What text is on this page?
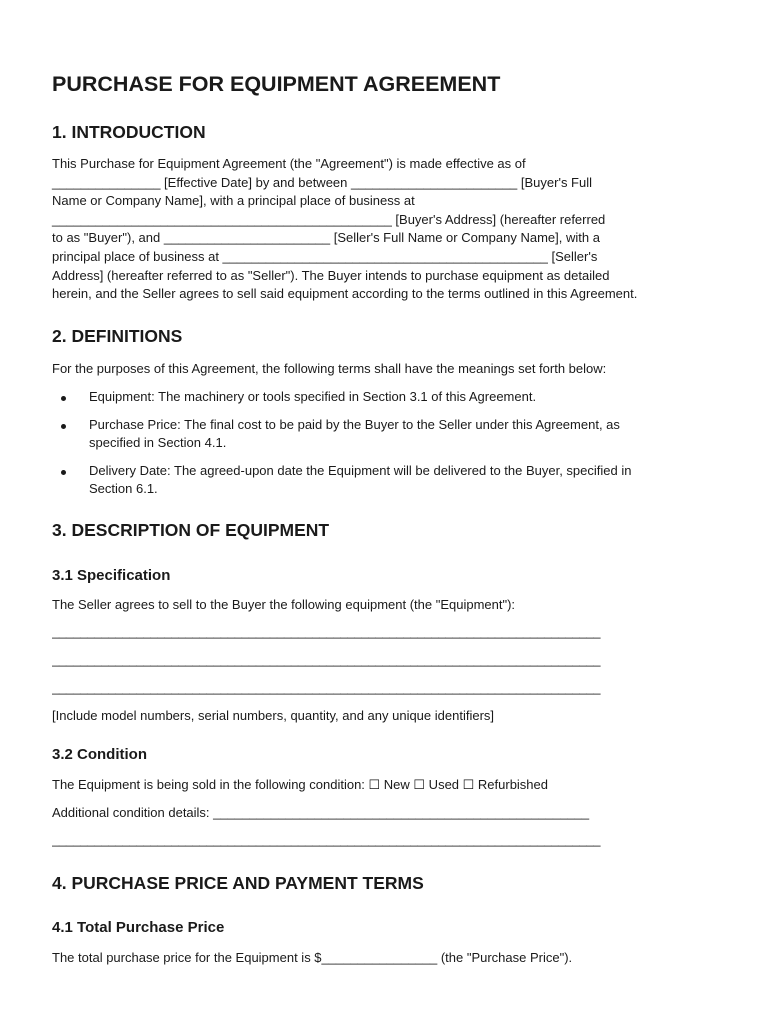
PURCHASE FOR EQUIPMENT AGREEMENT
1. INTRODUCTION

This Purchase for Equipment Agreement (the "Agreement") is made effective as of
_______________ [Effective Date] by and between _______________________ [Buyer's Full
Name or Company Name], with a principal place of business at
_______________________________________________ [Buyer's Address] (hereafter referred
to as "Buyer"), and _______________________ [Seller's Full Name or Company Name], with a
principal place of business at _____________________________________________ [Seller's
Address] (hereafter referred to as "Seller"). The Buyer intends to purchase equipment as detailed
herein, and the Seller agrees to sell said equipment according to the terms outlined in this Agreement.

2. DEFINITIONS

For the purposes of this Agreement, the following terms shall have the meanings set forth below:

Equipment: The machinery or tools specified in Section 3.1 of this Agreement.
Purchase Price: The final cost to be paid by the Buyer to the Seller under this Agreement, as
specified in Section 4.1.
Delivery Date: The agreed-upon date the Equipment will be delivered to the Buyer, specified in
Section 6.1.
3. DESCRIPTION OF EQUIPMENT
3.1 Specification

The Seller agrees to sell to the Buyer the following equipment (the "Equipment"):

______________________________________________________________________________
______________________________________________________________________________
______________________________________________________________________________

[Include model numbers, serial numbers, quantity, and any unique identifiers]

3.2 Condition

The Equipment is being sold in the following condition: ☐ New ☐ Used ☐ Refurbished

Additional condition details: ____________________________________________________

______________________________________________________________________________
4. PURCHASE PRICE AND PAYMENT TERMS
4.1 Total Purchase Price

The total purchase price for the Equipment is $________________ (the "Purchase Price").
